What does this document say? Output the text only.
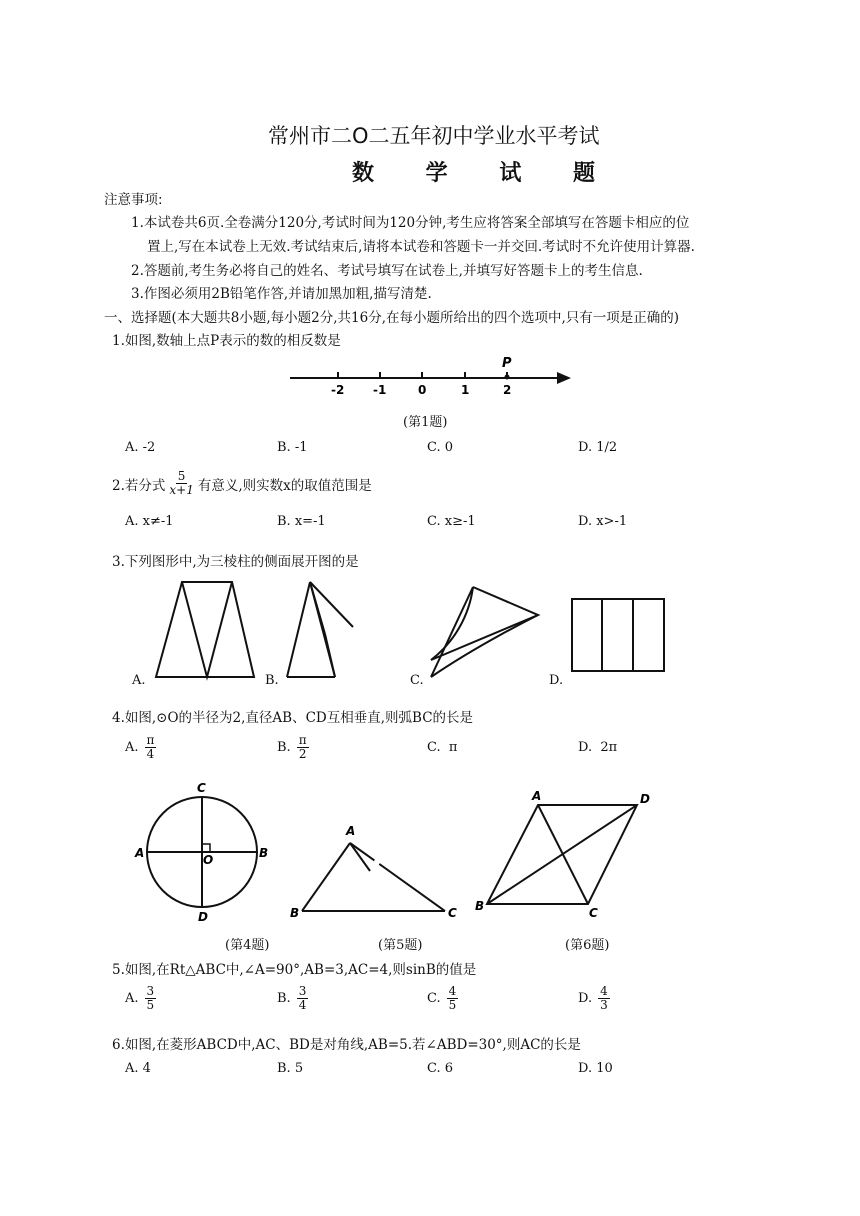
常州市二O二五年初中学业水平考试
数 学 试 题
注意事项:
1.本试卷共6页.全卷满分120分,考试时间为120分钟,考生应将答案全部填写在答题卡相应的位
置上,写在本试卷上无效.考试结束后,请将本试卷和答题卡一并交回.考试时不允许使用计算器.
2.答题前,考生务必将自己的姓名、考试号填写在试卷上,并填写好答题卡上的考生信息.
3.作图必须用2B铅笔作答,并请加黑加粗,描写清楚.
一、选择题(本大题共8小题,每小题2分,共16分,在每小题所给出的四个选项中,只有一项是正确的)
1.如图,数轴上点P表示的数的相反数是
-2 -1	0	1	2
P
(第1题)
A. -2	B. -1	C. 0	D. 1/2
2.若分式 $\frac{5}{x+1}$ 有意义,则实数x的取值范围是
A. x≠-1	B. x=-1	C. x≥-1	D. x>-1
3.下列图形中,为三棱柱的侧面展开图的是
A.	B.	C.	D.
4.如图,⊙O的半径为2,直径AB、CD互相垂直,则弧BC的长是
A. $\frac{\pi}{4}$	B. $\frac{\pi}{2}$	C. π	D. 2π
C
A	B
D
O
A
B	C
A	D
B	C
(第4题)	(第5题)	(第6题)
5.如图,在Rt△ABC中,∠A=90°,AB=3,AC=4,则sinB的值是
A. $\frac{3}{5}$	B. $\frac{3}{4}$	C. $\frac{4}{5}$	D. $\frac{4}{3}$
6.如图,在菱形ABCD中,AC、BD是对角线,AB=5.若∠ABD=30°,则AC的长是
A. 4	B. 5	C. 6	D. 10
